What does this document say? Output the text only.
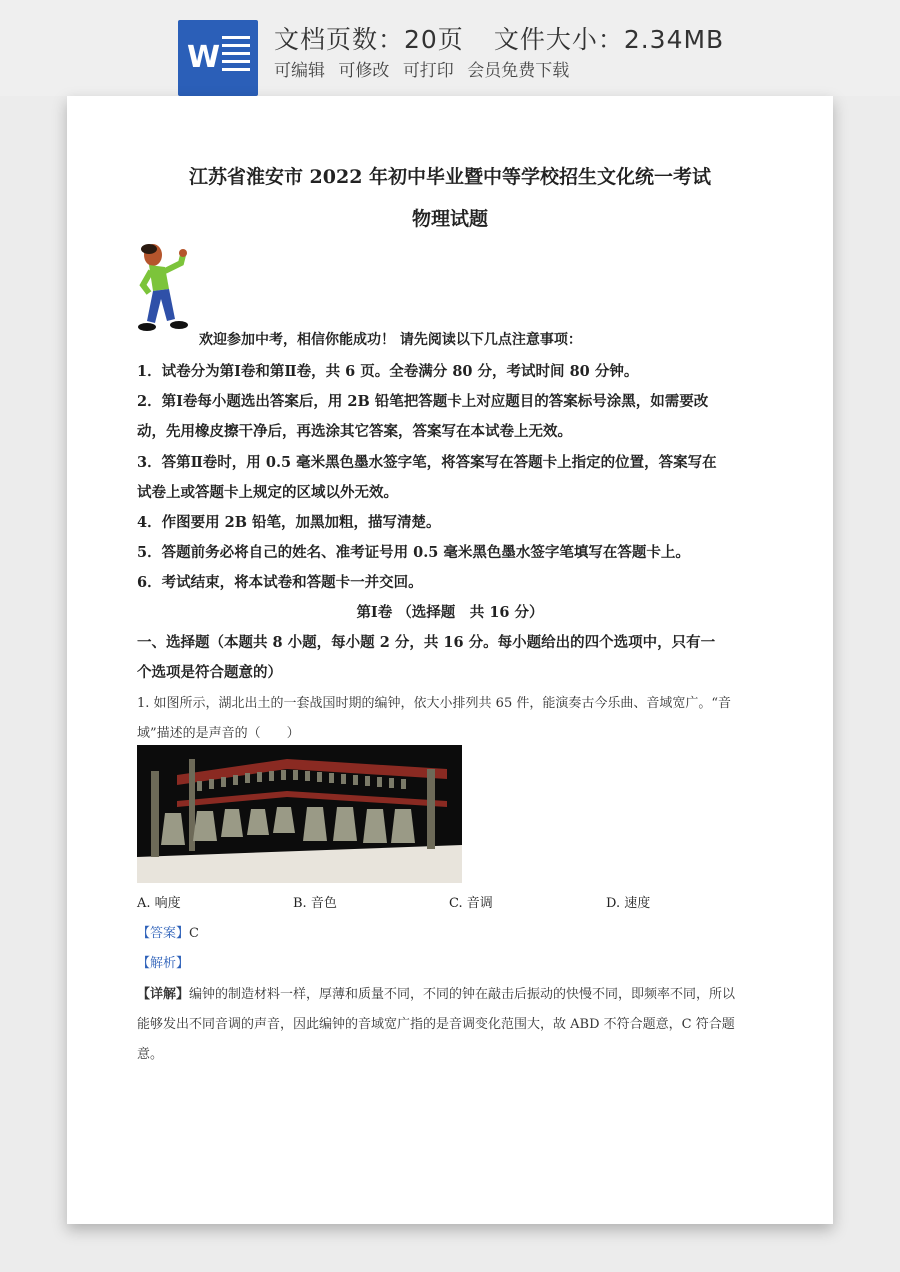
W
文档页数：20页 文件大小：2.34MB
可编辑 可修改 可打印 会员免费下载
江苏省淮安市 2022 年初中毕业暨中等学校招生文化统一考试
物理试题
欢迎参加中考，相信你能成功！ 请先阅读以下几点注意事项：
1．试卷分为第Ⅰ卷和第Ⅱ卷，共 6 页。全卷满分 80 分，考试时间 80 分钟。
2．第Ⅰ卷每小题选出答案后，用 2B 铅笔把答题卡上对应题目的答案标号涂黑，如需要改
动，先用橡皮擦干净后，再选涂其它答案，答案写在本试卷上无效。
3．答第Ⅱ卷时，用 0.5 毫米黑色墨水签字笔，将答案写在答题卡上指定的位置，答案写在
试卷上或答题卡上规定的区域以外无效。
4．作图要用 2B 铅笔，加黑加粗，描写清楚。
5．答题前务必将自己的姓名、准考证号用 0.5 毫米黑色墨水签字笔填写在答题卡上。
6．考试结束，将本试卷和答题卡一并交回。
第Ⅰ卷 （选择题　共 16 分）
一、选择题（本题共 8 小题，每小题 2 分，共 16 分。每小题给出的四个选项中，只有一
个选项是符合题意的）
1. 如图所示，湖北出土的一套战国时期的编钟，依大小排列共 65 件，能演奏古今乐曲、音域宽广。“音
域”描述的是声音的（　　）
A. 响度	B. 音色	C. 音调	D. 速度
【答案】C
【解析】
【详解】编钟的制造材料一样，厚薄和质量不同，不同的钟在敲击后振动的快慢不同，即频率不同，所以
能够发出不同音调的声音，因此编钟的音域宽广指的是音调变化范围大，故 ABD 不符合题意，C 符合题
意。
